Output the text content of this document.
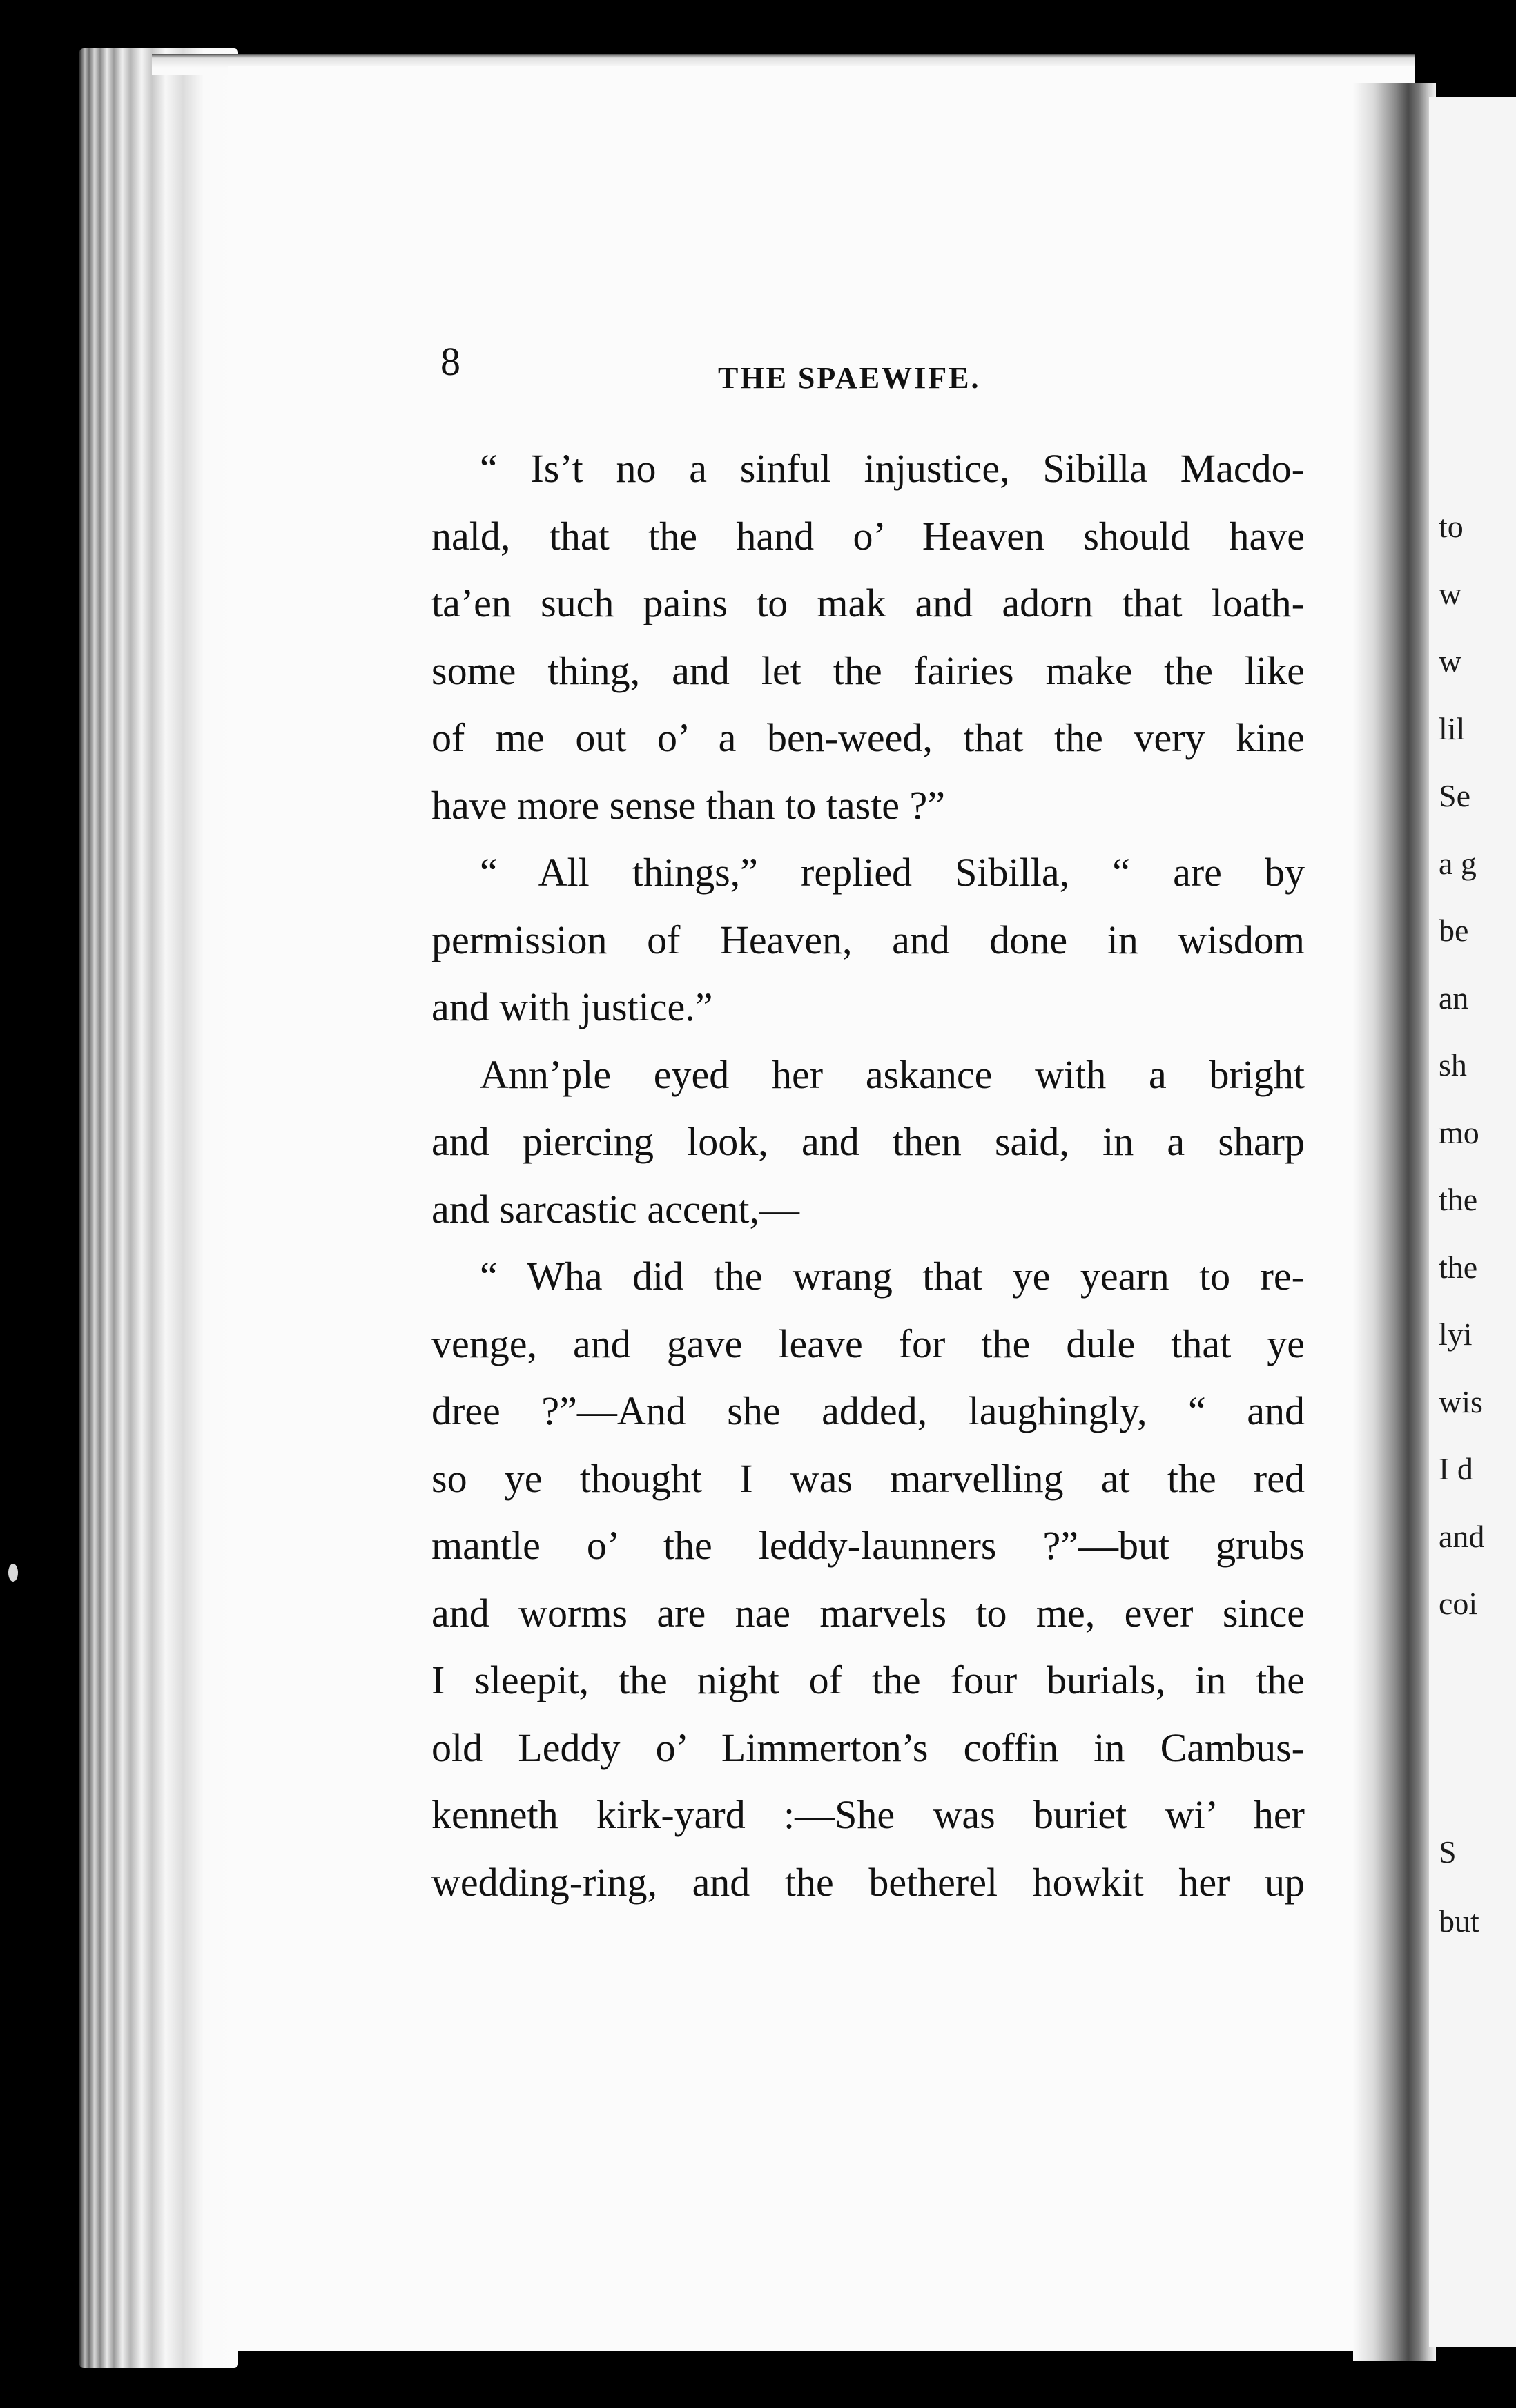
to
w
w
lil
Se
a g
be
an
sh
mo
the
the
lyi
wis
I d
and
coi
S
but
8	THE SPAEWIFE.
“ Is’t no a sinful injustice, Sibilla Macdo-
nald, that the hand o’ Heaven should have
ta’en such pains to mak and adorn that loath-
some thing, and let the fairies make the like
of me out o’ a ben-weed, that the very kine
have more sense than to taste ?”
“ All things,” replied Sibilla, “ are by
permission of Heaven, and done in wisdom
and with justice.”
Ann’ple eyed her askance with a bright
and piercing look, and then said, in a sharp
and sarcastic accent,—
“ Wha did the wrang that ye yearn to re-
venge, and gave leave for the dule that ye
dree ?”—And she added, laughingly, “ and
so ye thought I was marvelling at the red
mantle o’ the leddy-launners ?”—but grubs
and worms are nae marvels to me, ever since
I sleepit, the night of the four burials, in the
old Leddy o’ Limmerton’s coffin in Cambus-
kenneth kirk-yard :—She was buriet wi’ her
wedding-ring, and the betherel howkit her up
